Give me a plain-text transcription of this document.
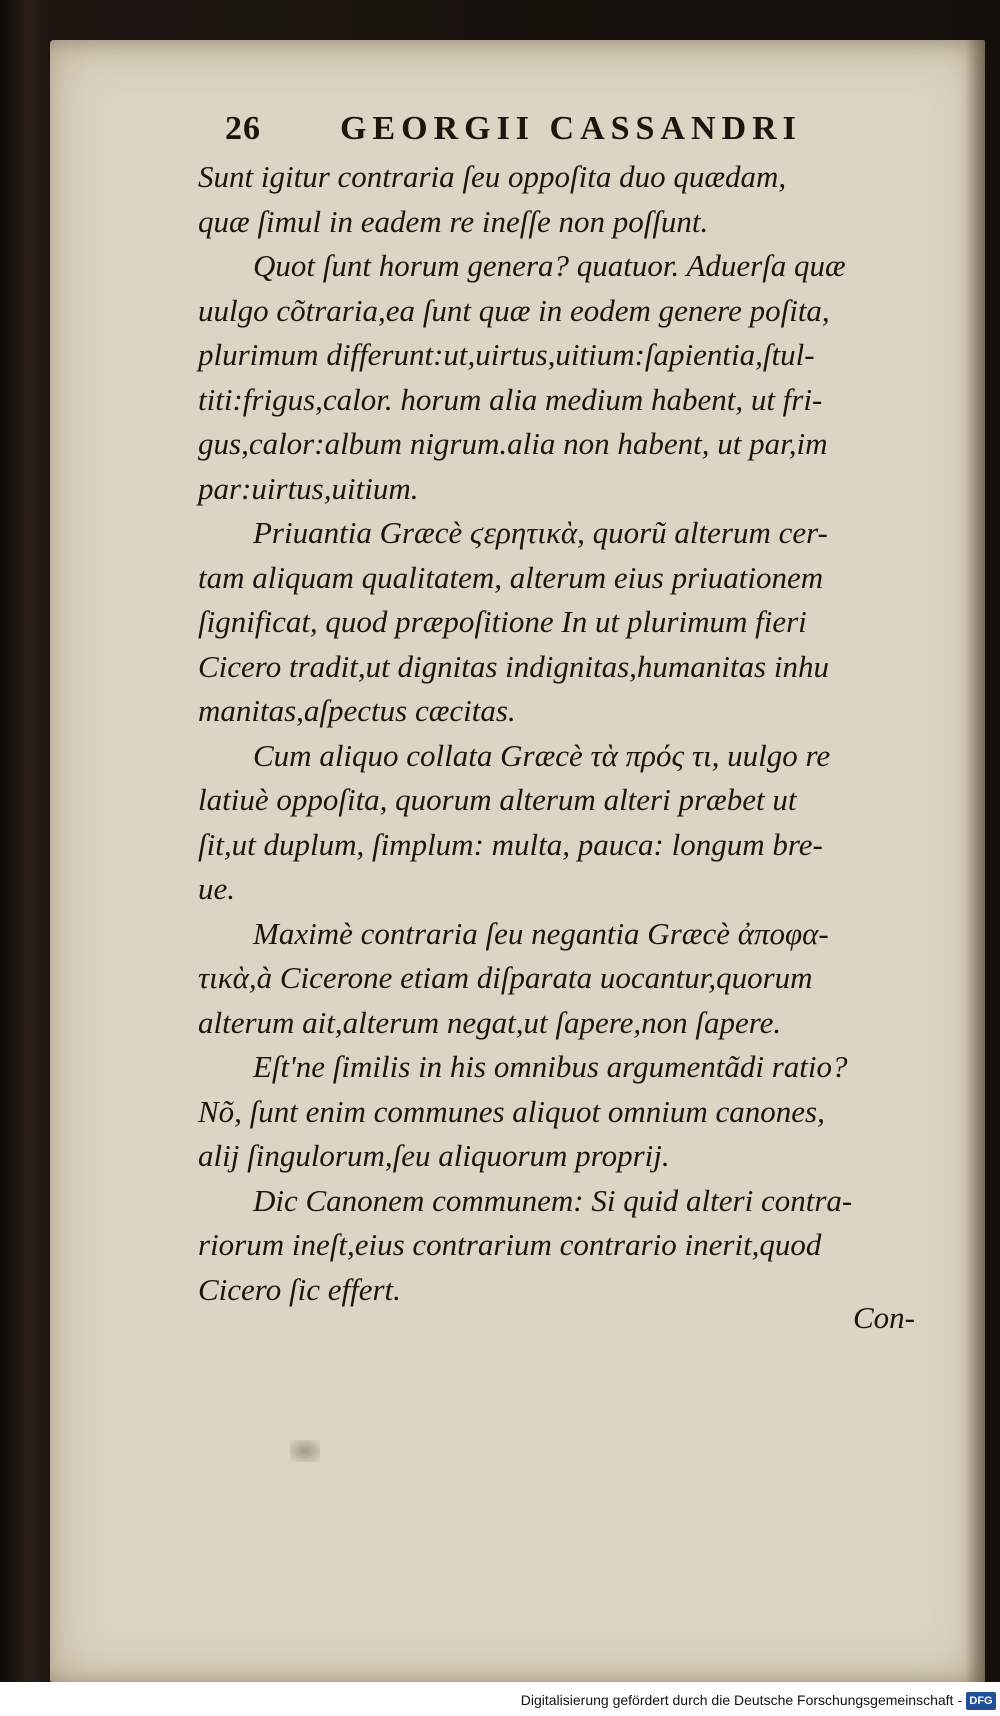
26 GEORGII CASSANDRI
Sunt igitur contraria ſeu oppoſita duo quædam,
quæ ſimul in eadem re ineſſe non poſſunt.
Quot ſunt horum genera? quatuor. Aduerſa quæ
uulgo cõtraria,ea ſunt quæ in eodem genere poſita,
plurimum differunt:ut,uirtus,uitium:ſapientia,ſtul-
titi:frigus,calor. horum alia medium habent, ut fri-
gus,calor:album nigrum.alia non habent, ut par,im
par:uirtus,uitium.
Priuantia Græcè ϛερητικὰ, quorũ alterum cer-
tam aliquam qualitatem, alterum eius priuationem
ſignificat, quod præpoſitione In ut plurimum fieri
Cicero tradit,ut dignitas indignitas,humanitas inhu
manitas,aſpectus cæcitas.
Cum aliquo collata Græcè τὰ πρός τι, uulgo re
latiuè oppoſita, quorum alterum alteri præbet ut
ſit,ut duplum, ſimplum: multa, pauca: longum bre-
ue.
Maximè contraria ſeu negantia Græcè ἀποφα-
τικὰ,à Cicerone etiam diſparata uocantur,quorum
alterum ait,alterum negat,ut ſapere,non ſapere.
Eſt'ne ſimilis in his omnibus argumentãdi ratio?
Nõ, ſunt enim communes aliquot omnium canones,
alij ſingulorum,ſeu aliquorum proprij.
Dic Canonem communem: Si quid alteri contra-
riorum ineſt,eius contrarium contrario inerit,quod
Cicero ſic effert.
Con-
Digitalisierung gefördert durch die Deutsche Forschungsgemeinschaft - DFG
